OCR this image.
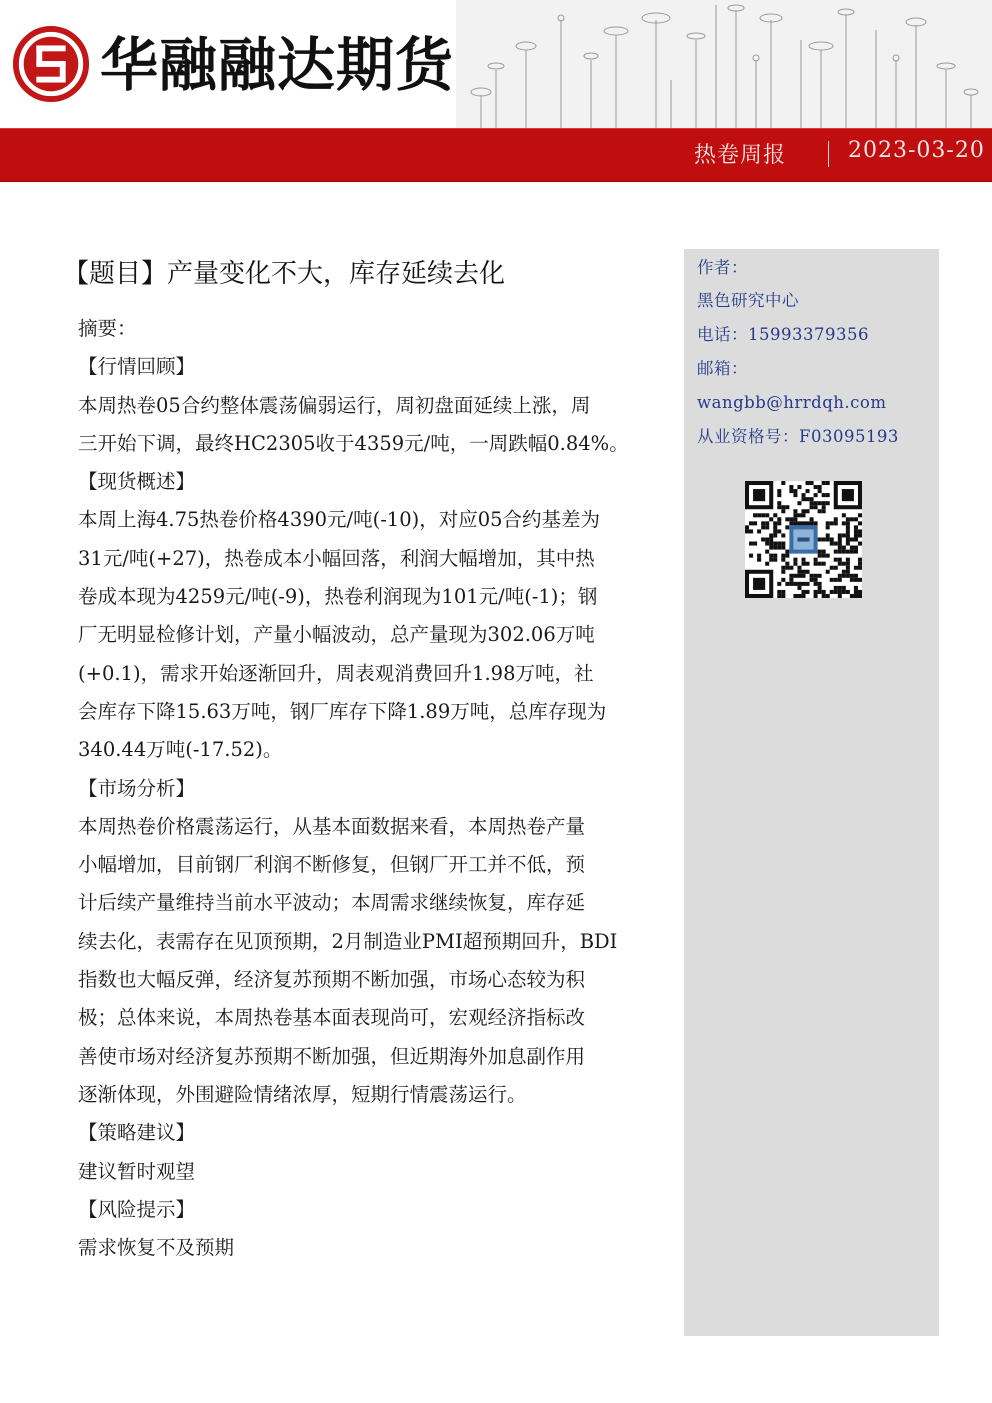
华融融达期货
热卷周报	2023-03-20
【题目】产量变化不大，库存延续去化
摘要：
【行情回顾】
本周热卷05合约整体震荡偏弱运行，周初盘面延续上涨，周
三开始下调，最终HC2305收于4359元/吨，一周跌幅0.84%。
【现货概述】
本周上海4.75热卷价格4390元/吨(-10)，对应05合约基差为
31元/吨(+27)，热卷成本小幅回落，利润大幅增加，其中热
卷成本现为4259元/吨(-9)，热卷利润现为101元/吨(-1)；钢
厂无明显检修计划，产量小幅波动，总产量现为302.06万吨
(+0.1)，需求开始逐渐回升，周表观消费回升1.98万吨，社
会库存下降15.63万吨，钢厂库存下降1.89万吨，总库存现为
340.44万吨(-17.52)。
【市场分析】
本周热卷价格震荡运行，从基本面数据来看，本周热卷产量
小幅增加，目前钢厂利润不断修复，但钢厂开工并不低，预
计后续产量维持当前水平波动；本周需求继续恢复，库存延
续去化，表需存在见顶预期，2月制造业PMI超预期回升，BDI
指数也大幅反弹，经济复苏预期不断加强，市场心态较为积
极；总体来说，本周热卷基本面表现尚可，宏观经济指标改
善使市场对经济复苏预期不断加强，但近期海外加息副作用
逐渐体现，外围避险情绪浓厚，短期行情震荡运行。
【策略建议】
建议暂时观望
【风险提示】
需求恢复不及预期
作者：
黑色研究中心
电话：15993379356
邮箱：
wangbb@hrrdqh.com
从业资格号：F03095193
